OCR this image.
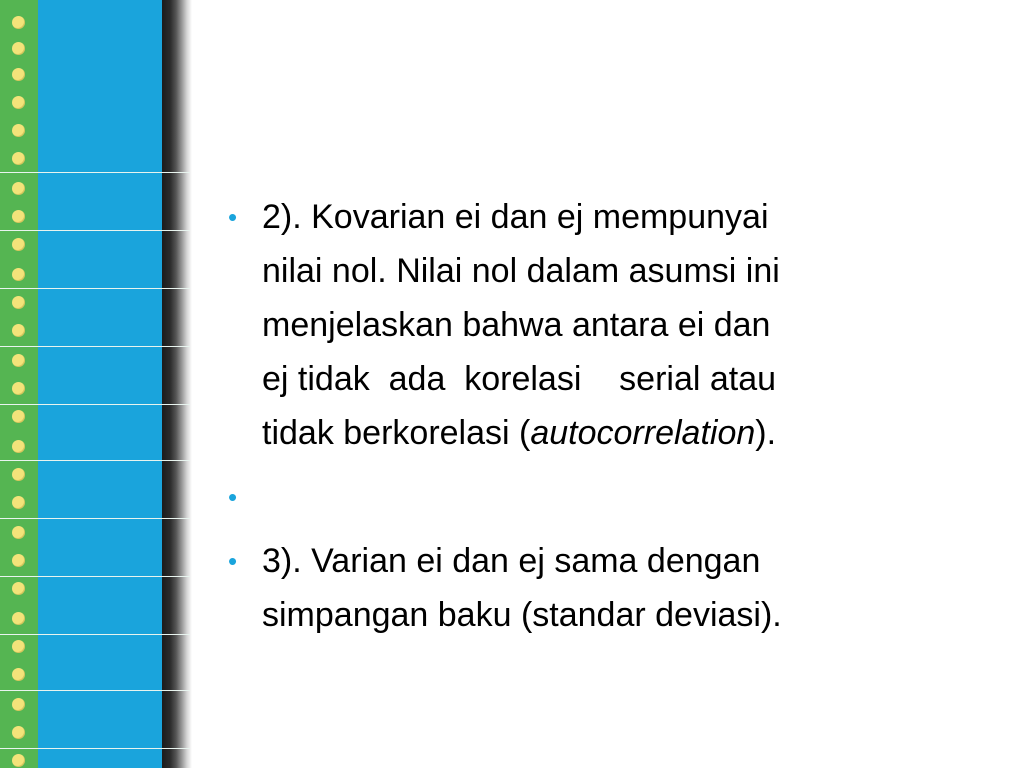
• 2). Kovarian ei dan ej mempunyai
nilai nol. Nilai nol dalam asumsi ini
menjelaskan bahwa antara ei dan
ej tidak  ada  korelasi    serial atau
tidak berkorelasi (autocorrelation).
•
• 3). Varian ei dan ej sama dengan
simpangan baku (standar deviasi).
